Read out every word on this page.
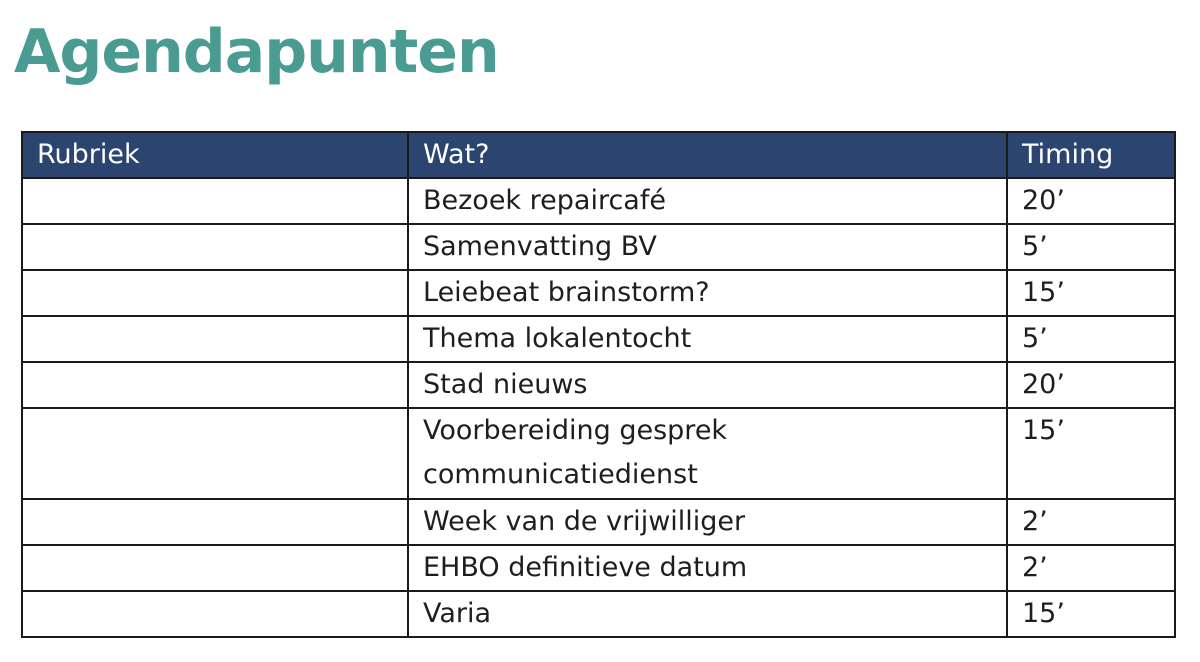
Agendapunten
Rubriek	Wat?	Timing
	Bezoek repaircafé	20’
	Samenvatting BV	5’
	Leiebeat brainstorm?	15’
	Thema lokalentocht	5’
	Stad nieuws	20’
	Voorbereiding gesprek communicatiedienst	15’
	Week van de vrijwilliger	2’
	EHBO definitieve datum	2’
	Varia	15’
